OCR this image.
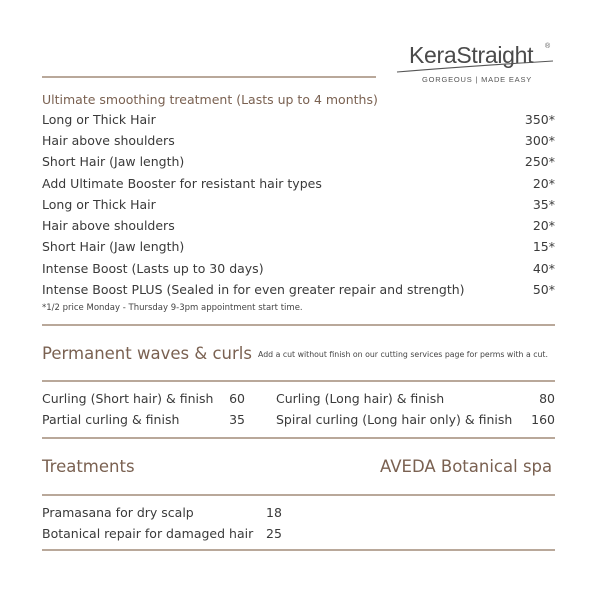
KeraStraight ®
GORGEOUS | MADE EASY
Ultimate smoothing treatment (Lasts up to 4 months)
Long or Thick Hair	350*
Hair above shoulders	300*
Short Hair (Jaw length)	250*
Add Ultimate Booster for resistant hair types	20*
Long or Thick Hair	35*
Hair above shoulders	20*
Short Hair (Jaw length)	15*
Intense Boost (Lasts up to 30 days)	40*
Intense Boost PLUS (Sealed in for even greater repair and strength)	50*
*1/2 price Monday - Thursday 9-3pm appointment start time.
Permanent waves & curls Add a cut without finish on our cutting services page for perms with a cut.
Curling (Short hair) & finish	60 Curling (Long hair) & finish	80
Partial curling & finish	35 Spiral curling (Long hair only) & finish	160
Treatments	AVEDA Botanical spa
Pramasana for dry scalp	18
Botanical repair for damaged hair 25
